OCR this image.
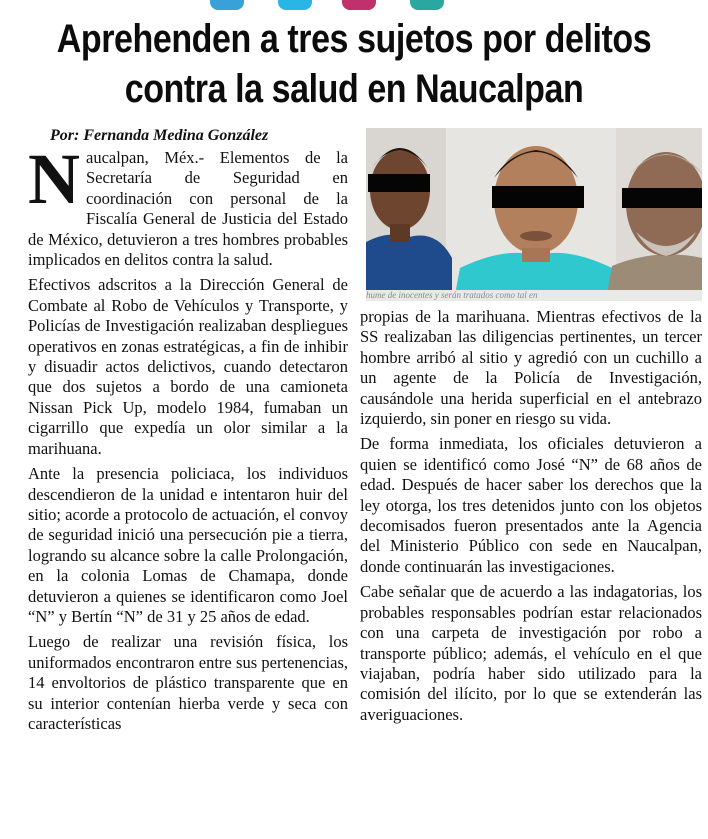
Aprehenden a tres sujetos por delitos
contra la salud en Naucalpan

Por: Fernanda Medina González

hume de inocentes y serán tratados como tal en

Naucalpan, Méx.- Elementos de la Secretaría de Seguridad en coordinación con personal de la Fiscalía General de Justicia del Estado de México, detuvieron a tres hombres probables implicados en delitos contra la salud.

Efectivos adscritos a la Dirección General de Combate al Robo de Vehículos y Transporte, y Policías de Investigación realizaban despliegues operativos en zonas estratégicas, a fin de inhibir y disuadir actos delictivos, cuando detectaron que dos sujetos a bordo de una camioneta Nissan Pick Up, modelo 1984, fumaban un cigarrillo que expedía un olor similar a la marihuana.

Ante la presencia policiaca, los individuos descendieron de la unidad e intentaron huir del sitio; acorde a protocolo de actuación, el convoy de seguridad inició una persecución pie a tierra, logrando su alcance sobre la calle Prolongación, en la colonia Lomas de Chamapa, donde detuvieron a quienes se identificaron como Joel “N” y Bertín “N” de 31 y 25 años de edad.

Luego de realizar una revisión física, los uniformados encontraron entre sus pertenencias, 14 envoltorios de plástico transparente que en su interior contenían hierba verde y seca con características

propias de la marihuana. Mientras efectivos de la SS realizaban las diligencias pertinentes, un tercer hombre arribó al sitio y agredió con un cuchillo a un agente de la Policía de Investigación, causándole una herida superficial en el antebrazo izquierdo, sin poner en riesgo su vida.

De forma inmediata, los oficiales detuvieron a quien se identificó como José “N” de 68 años de edad. Después de hacer saber los derechos que la ley otorga, los tres detenidos junto con los objetos decomisados fueron presentados ante la Agencia del Ministerio Público con sede en Naucalpan, donde continuarán las investigaciones.

Cabe señalar que de acuerdo a las indagatorias, los probables responsables podrían estar relacionados con una carpeta de investigación por robo a transporte público; además, el vehículo en el que viajaban, podría haber sido utilizado para la comisión del ilícito, por lo que se extenderán las averiguaciones.
